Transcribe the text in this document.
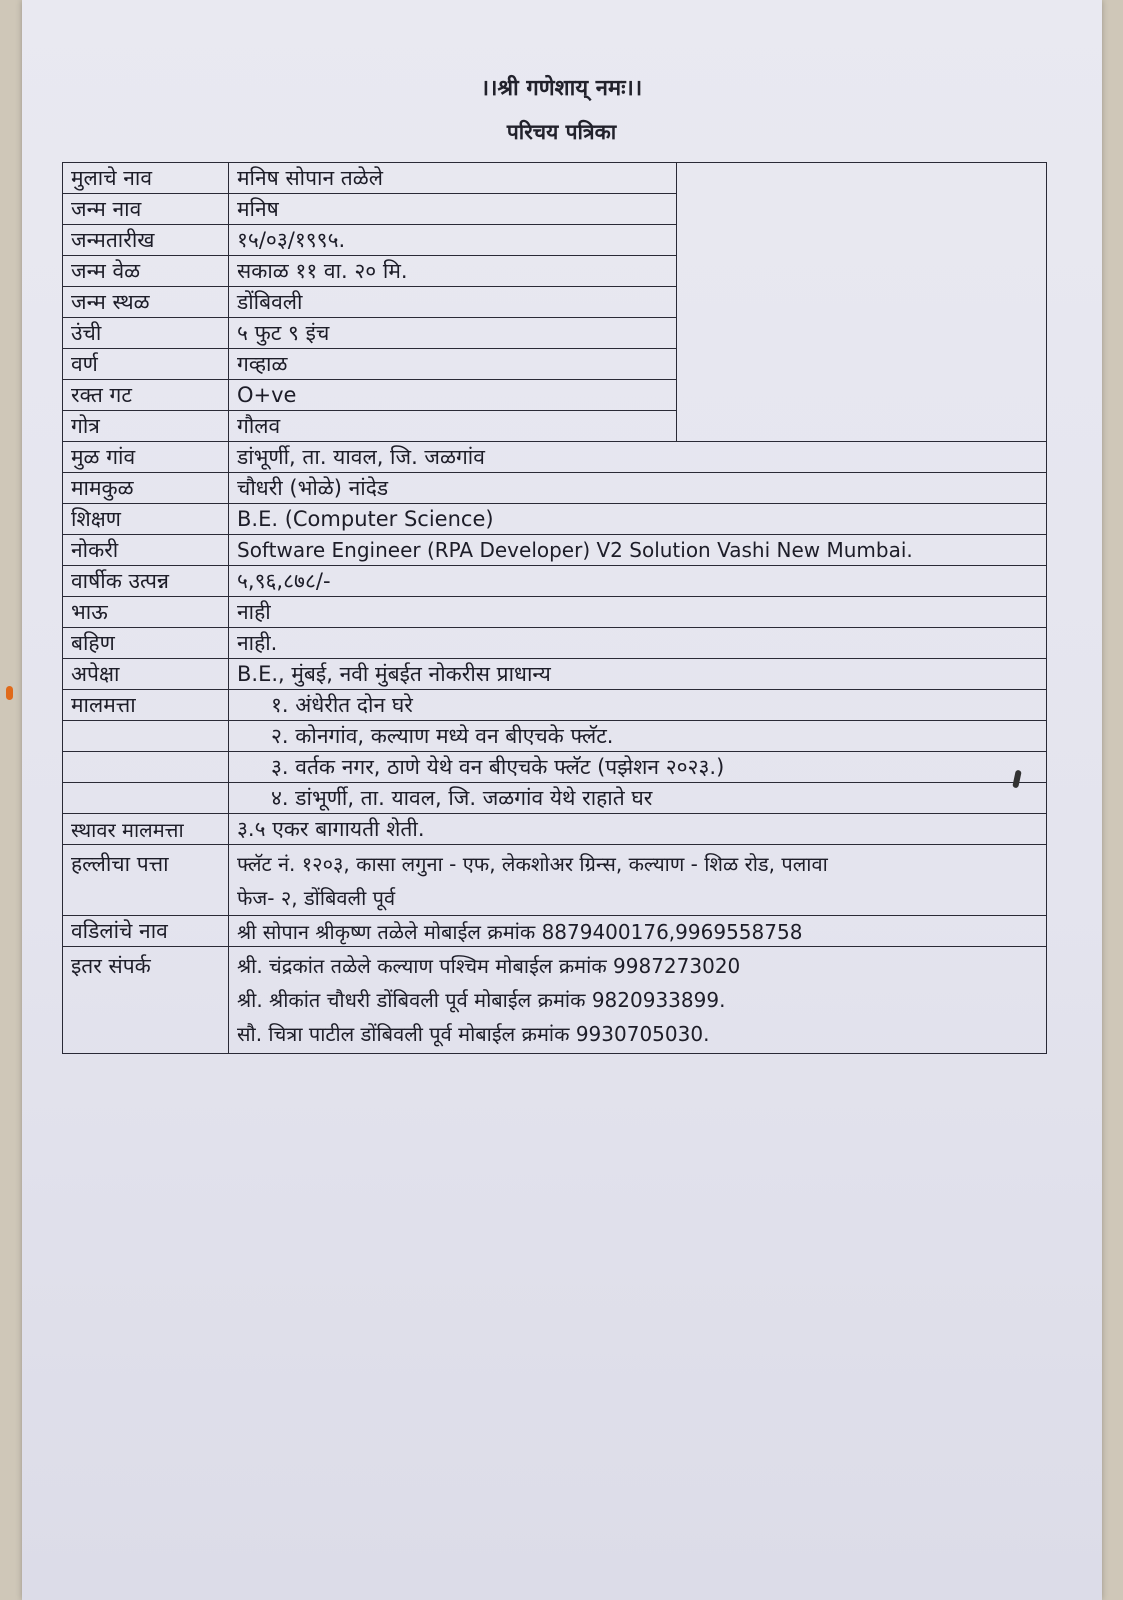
।।श्री गणेशाय् नमः।।
परिचय पत्रिका
मुलाचे नाव	मनिष सोपान तळेले	
जन्म नाव	मनिष	
जन्मतारीख	१५/०३/१९९५.	
जन्म वेळ	सकाळ ११ वा. २० मि.	
जन्म स्थळ	डोंबिवली	
उंची	५ फुट ९ इंच	
वर्ण	गव्हाळ	
रक्त गट	O+ve	
गोत्र	गौलव	
मुळ गांव	डांभूर्णी, ता. यावल, जि. जळगांव	
मामकुळ	चौधरी (भोळे) नांदेड	
शिक्षण	B.E. (Computer Science)	
नोकरी	Software Engineer (RPA Developer) V2 Solution Vashi New Mumbai.	
वार्षीक उत्पन्न	५,९६,८७८/-	
भाऊ	नाही	
बहिण	नाही.	
अपेक्षा	B.E., मुंबई, नवी मुंबईत नोकरीस प्राधान्य	
मालमत्ता	१. अंधेरीत दोन घरे	
	२. कोनगांव, कल्याण मध्ये वन बीएचके फ्लॅट.	
	३. वर्तक नगर, ठाणे येथे वन बीएचके फ्लॅट (पझेशन २०२३.)	
	४. डांभूर्णी, ता. यावल, जि. जळगांव येथे राहाते घर	
स्थावर मालमत्ता	३.५ एकर बागायती शेती.	
हल्लीचा पत्ता	फ्लॅट नं. १२०३, कासा लगुना - एफ, लेकशोअर ग्रिन्स, कल्याण - शिळ रोड, पलावा
फेज- २, डोंबिवली पूर्व	

वडिलांचे नाव	श्री सोपान श्रीकृष्ण तळेले मोबाईल क्रमांक 8879400176,9969558758	
इतर संपर्क	श्री. चंद्रकांत तळेले कल्याण पश्चिम मोबाईल क्रमांक 9987273020
श्री. श्रीकांत चौधरी डोंबिवली पूर्व मोबाईल क्रमांक 9820933899.
सौ. चित्रा पाटील डोंबिवली पूर्व मोबाईल क्रमांक 9930705030.	
